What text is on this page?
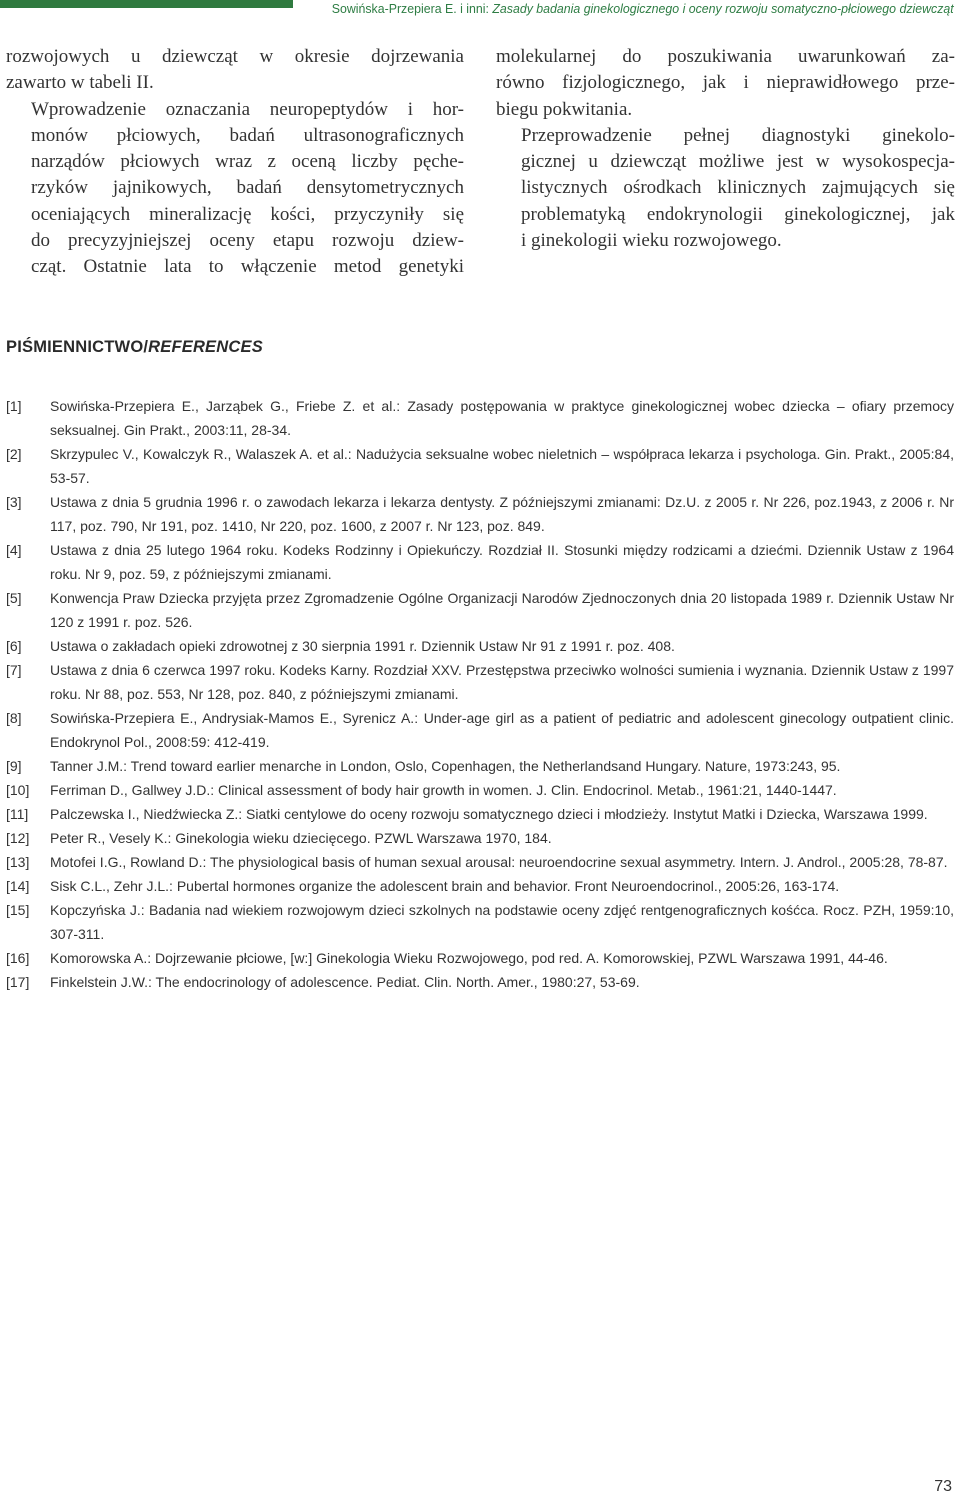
Sowińska-Przepiera E. i inni: Zasady badania ginekologicznego i oceny rozwoju somatyczno-płciowego dziewcząt

rozwojowych u dziewcząt w okresie dojrzewania
zawarto w tabeli II.

Wprowadzenie oznaczania neuropeptydów i hor-
monów płciowych, badań ultrasonograficznych
narządów płciowych wraz z oceną liczby pęche-
rzyków jajnikowych, badań densytometrycznych
oceniających mineralizację kości, przyczyniły się
do precyzyjniejszej oceny etapu rozwoju dziew-
cząt. Ostatnie lata to włączenie metod genetyki

molekularnej do poszukiwania uwarunkowań za-
równo fizjologicznego, jak i nieprawidłowego prze-
biegu pokwitania.

Przeprowadzenie pełnej diagnostyki ginekolo-
gicznej u dziewcząt możliwe jest w wysokospecja-
listycznych ośrodkach klinicznych zajmujących się
problematyką endokrynologii ginekologicznej, jak
i ginekologii wieku rozwojowego.

PIŚMIENNICTWO/REFERENCES
[1] Sowińska-Przepiera E., Jarząbek G., Friebe Z. et al.: Zasady postępowania w praktyce ginekologicznej wobec dziecka – ofiary przemocy seksualnej. Gin Prakt., 2003:11, 28-34.
[2] Skrzypulec V., Kowalczyk R., Walaszek A. et al.: Nadużycia seksualne wobec nieletnich – współpraca lekarza i psychologa. Gin. Prakt., 2005:84, 53-57.
[3] Ustawa z dnia 5 grudnia 1996 r. o zawodach lekarza i lekarza dentysty. Z późniejszymi zmianami: Dz.U. z 2005 r. Nr 226, poz.1943, z 2006 r. Nr 117, poz. 790, Nr 191, poz. 1410, Nr 220, poz. 1600, z 2007 r. Nr 123, poz. 849.
[4] Ustawa z dnia 25 lutego 1964 roku. Kodeks Rodzinny i Opiekuńczy. Rozdział II. Stosunki między rodzicami a dziećmi. Dziennik Ustaw z 1964 roku. Nr 9, poz. 59, z późniejszymi zmianami.
[5] Konwencja Praw Dziecka przyjęta przez Zgromadzenie Ogólne Organizacji Narodów Zjednoczonych dnia 20 listopada 1989 r. Dziennik Ustaw Nr 120 z 1991 r. poz. 526.
[6] Ustawa o zakładach opieki zdrowotnej z 30 sierpnia 1991 r. Dziennik Ustaw Nr 91 z 1991 r. poz. 408.
[7] Ustawa z dnia 6 czerwca 1997 roku. Kodeks Karny. Rozdział XXV. Przestępstwa przeciwko wolności sumienia i wyznania. Dziennik Ustaw z 1997 roku. Nr 88, poz. 553, Nr 128, poz. 840, z późniejszymi zmianami.
[8] Sowińska-Przepiera E., Andrysiak-Mamos E., Syrenicz A.: Under-age girl as a patient of pediatric and adolescent ginecology outpatient clinic. Endokrynol Pol., 2008:59: 412-419.
[9] Tanner J.M.: Trend toward earlier menarche in London, Oslo, Copenhagen, the Netherlandsand Hungary. Nature, 1973:243, 95.
[10] Ferriman D., Gallwey J.D.: Clinical assessment of body hair growth in women. J. Clin. Endocrinol. Metab., 1961:21, 1440-1447.
[11] Palczewska I., Niedźwiecka Z.: Siatki centylowe do oceny rozwoju somatycznego dzieci i młodzieży. Instytut Matki i Dziecka, Warszawa 1999.
[12] Peter R., Vesely K.: Ginekologia wieku dziecięcego. PZWL Warszawa 1970, 184.
[13] Motofei I.G., Rowland D.: The physiological basis of human sexual arousal: neuroendocrine sexual asymmetry. Intern. J. Androl., 2005:28, 78-87.
[14] Sisk C.L., Zehr J.L.: Pubertal hormones organize the adolescent brain and behavior. Front Neuroendocrinol., 2005:26, 163-174.
[15] Kopczyńska J.: Badania nad wiekiem rozwojowym dzieci szkolnych na podstawie oceny zdjęć rentgenograficznych kośćca. Rocz. PZH, 1959:10, 307-311.
[16] Komorowska A.: Dojrzewanie płciowe, [w:] Ginekologia Wieku Rozwojowego, pod red. A. Komorowskiej, PZWL Warszawa 1991, 44-46.
[17] Finkelstein J.W.: The endocrinology of adolescence. Pediat. Clin. North. Amer., 1980:27, 53-69.
73
